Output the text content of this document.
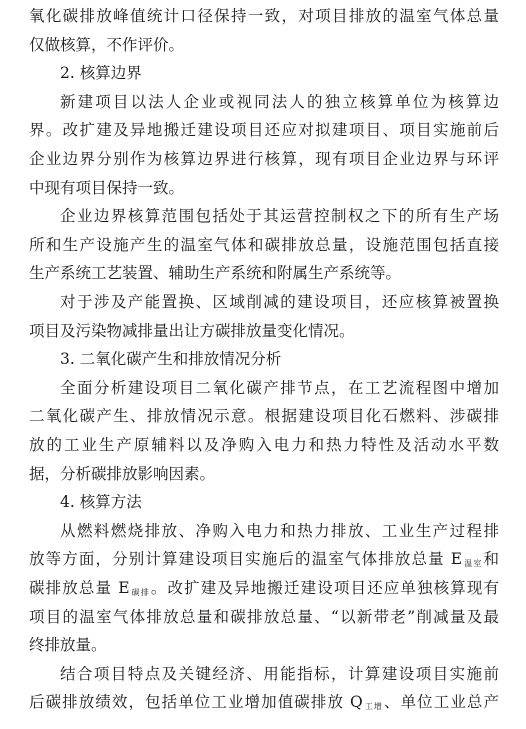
氧化碳排放峰值统计口径保持一致，对项目排放的温室气体总量
仅做核算，不作评价。
2. 核算边界
新建项目以法人企业或视同法人的独立核算单位为核算边
界。改扩建及异地搬迁建设项目还应对拟建项目、项目实施前后
企业边界分别作为核算边界进行核算，现有项目企业边界与环评
中现有项目保持一致。
企业边界核算范围包括处于其运营控制权之下的所有生产场
所和生产设施产生的温室气体和碳排放总量，设施范围包括直接
生产系统工艺装置、辅助生产系统和附属生产系统等。
对于涉及产能置换、区域削减的建设项目，还应核算被置换
项目及污染物减排量出让方碳排放量变化情况。
3. 二氧化碳产生和排放情况分析
全面分析建设项目二氧化碳产排节点，在工艺流程图中增加
二氧化碳产生、排放情况示意。根据建设项目化石燃料、涉碳排
放的工业生产原辅料以及净购入电力和热力特性及活动水平数
据，分析碳排放影响因素。
4. 核算方法
从燃料燃烧排放、净购入电力和热力排放、工业生产过程排
放等方面，分别计算建设项目实施后的温室气体排放总量 $E_{温室}$和
碳排放总量 $E_{碳排}$。改扩建及异地搬迁建设项目还应单独核算现有
项目的温室气体排放总量和碳排放总量、“以新带老”削减量及最
终排放量。
结合项目特点及关键经济、用能指标，计算建设项目实施前
后碳排放绩效，包括单位工业增加值碳排放 $Q_{工增}$、单位工业总产
